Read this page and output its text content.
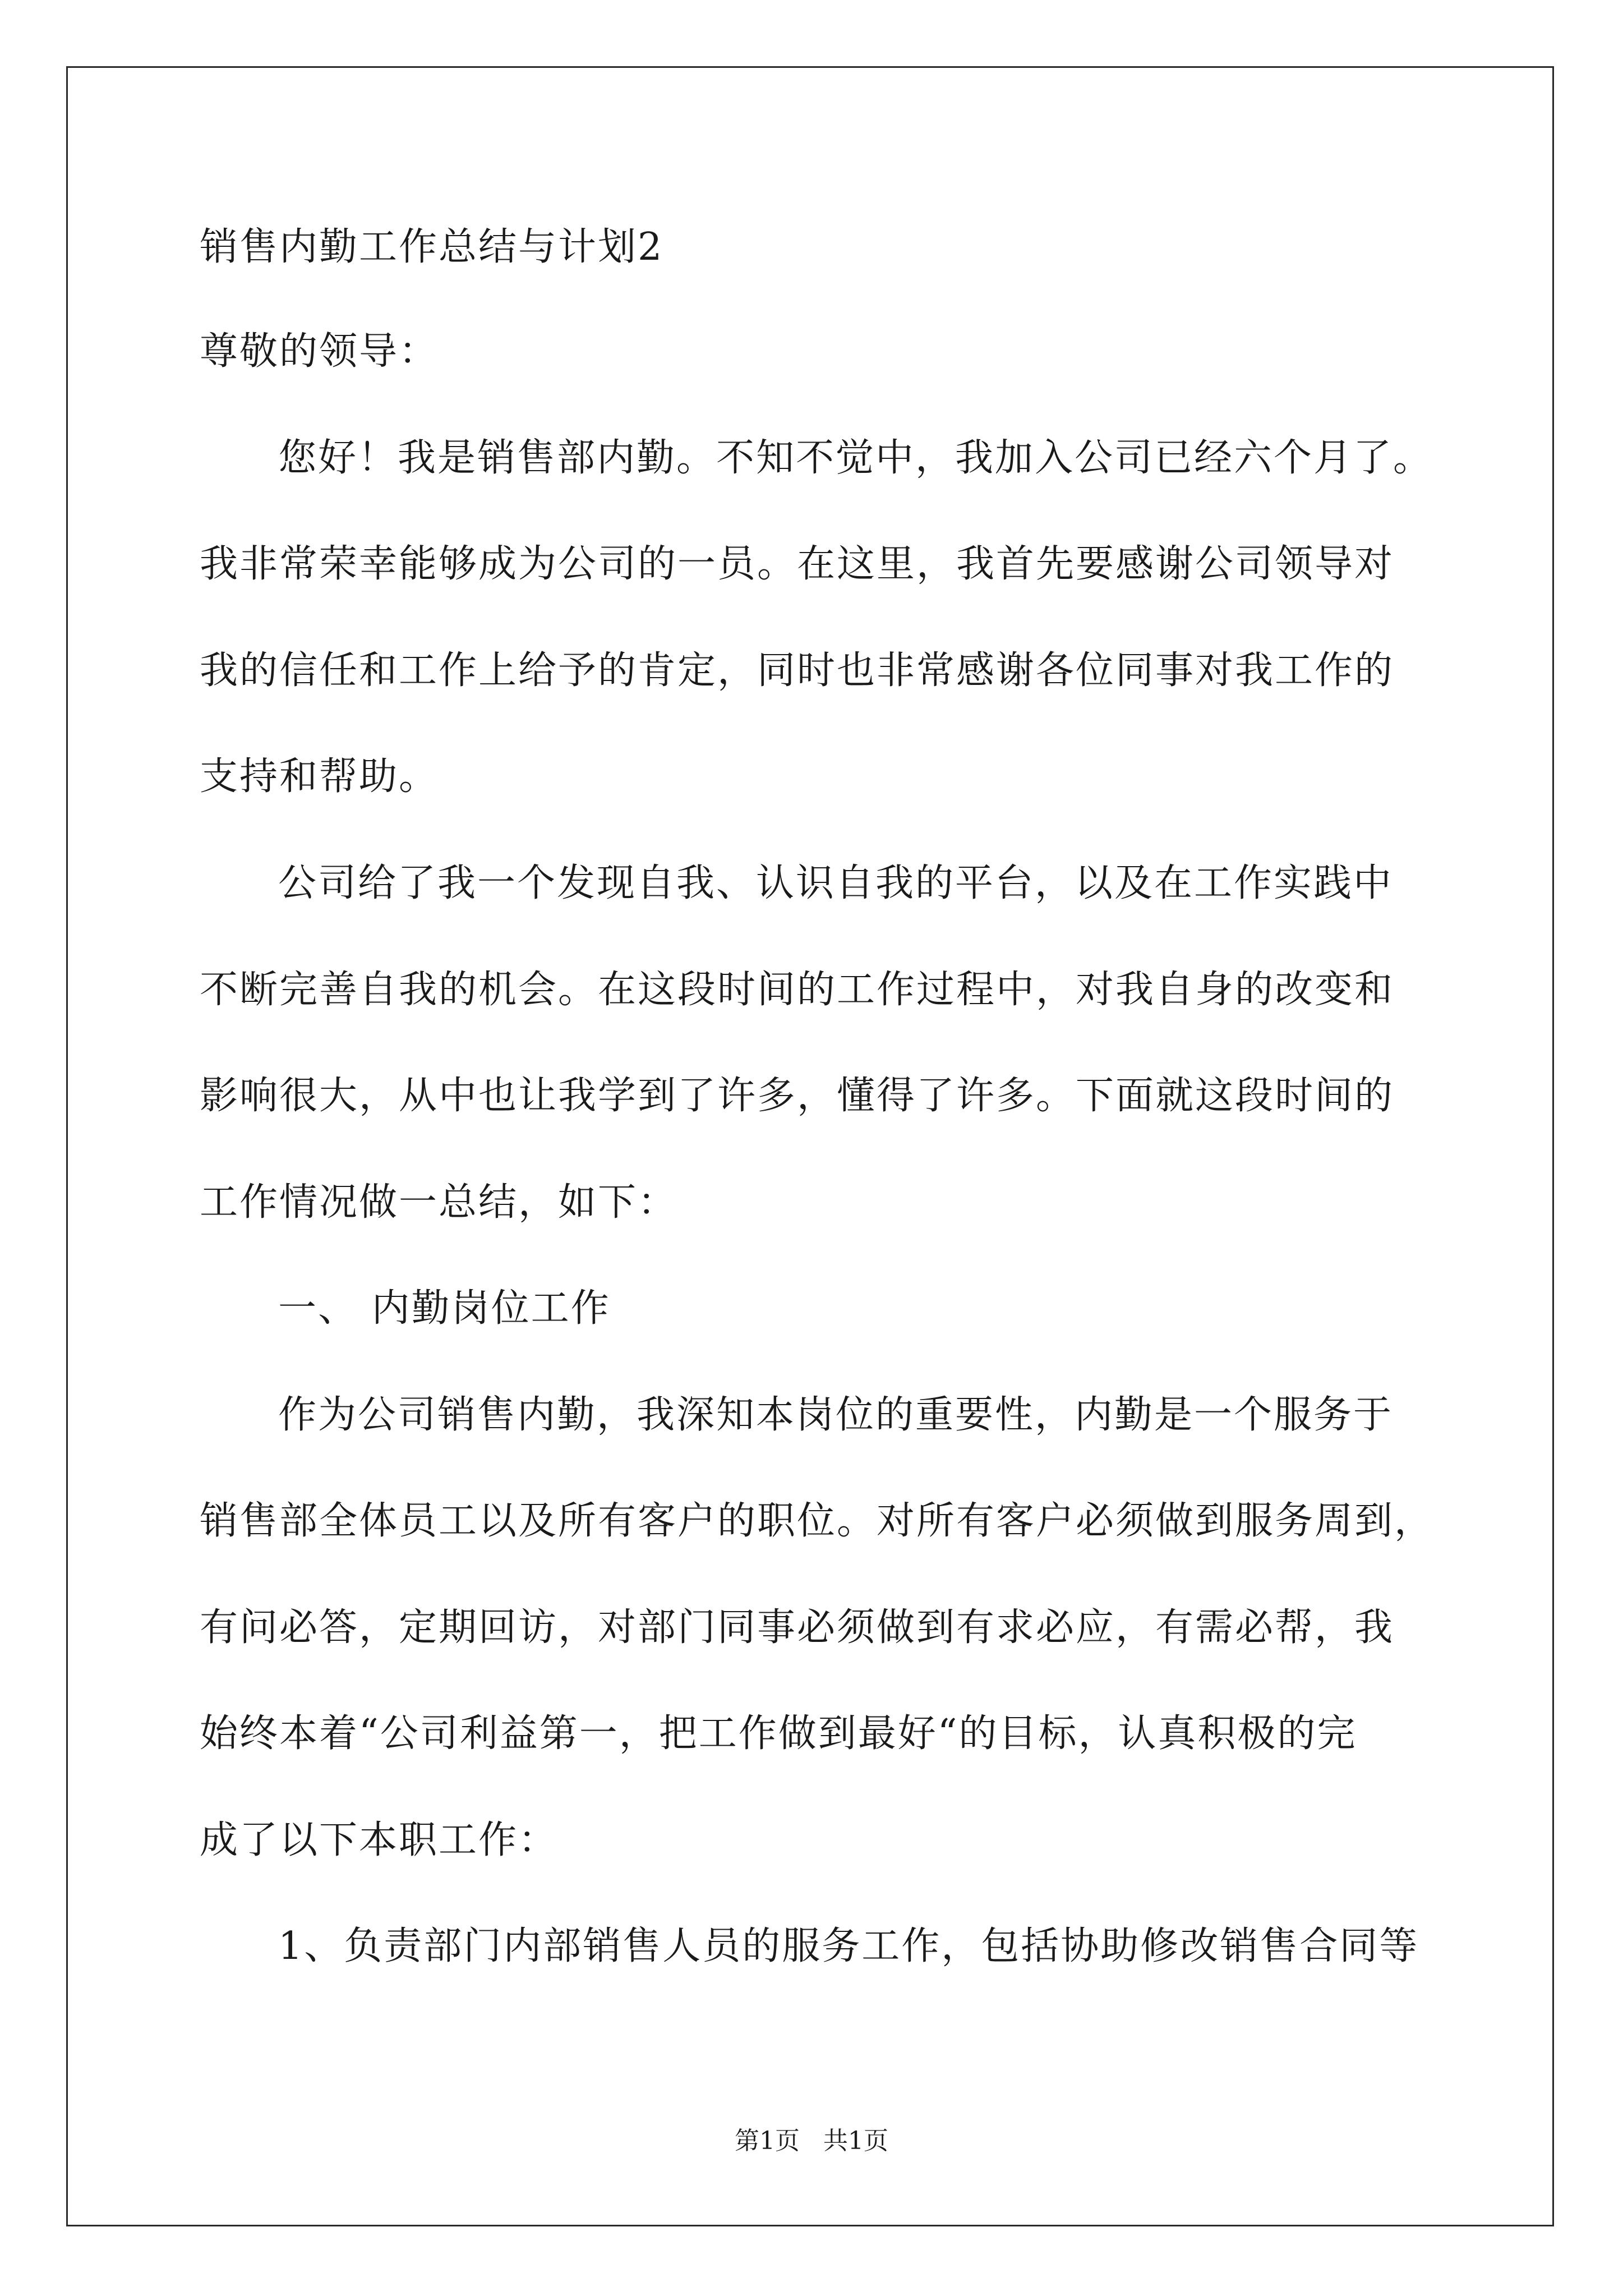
销售内勤工作总结与计划2
尊敬的领导：
您好！我是销售部内勤。不知不觉中，我加入公司已经六个月了。
我非常荣幸能够成为公司的一员。在这里，我首先要感谢公司领导对
我的信任和工作上给予的肯定，同时也非常感谢各位同事对我工作的
支持和帮助。
公司给了我一个发现自我、认识自我的平台，以及在工作实践中
不断完善自我的机会。在这段时间的工作过程中，对我自身的改变和
影响很大，从中也让我学到了许多，懂得了许多。下面就这段时间的
工作情况做一总结，如下：
一、 内勤岗位工作
作为公司销售内勤，我深知本岗位的重要性，内勤是一个服务于
销售部全体员工以及所有客户的职位。对所有客户必须做到服务周到，
有问必答，定期回访，对部门同事必须做到有求必应，有需必帮，我
始终本着“公司利益第一，把工作做到最好“的目标，认真积极的完
成了以下本职工作：
1、负责部门内部销售人员的服务工作，包括协助修改销售合同等
第1页   共1页
